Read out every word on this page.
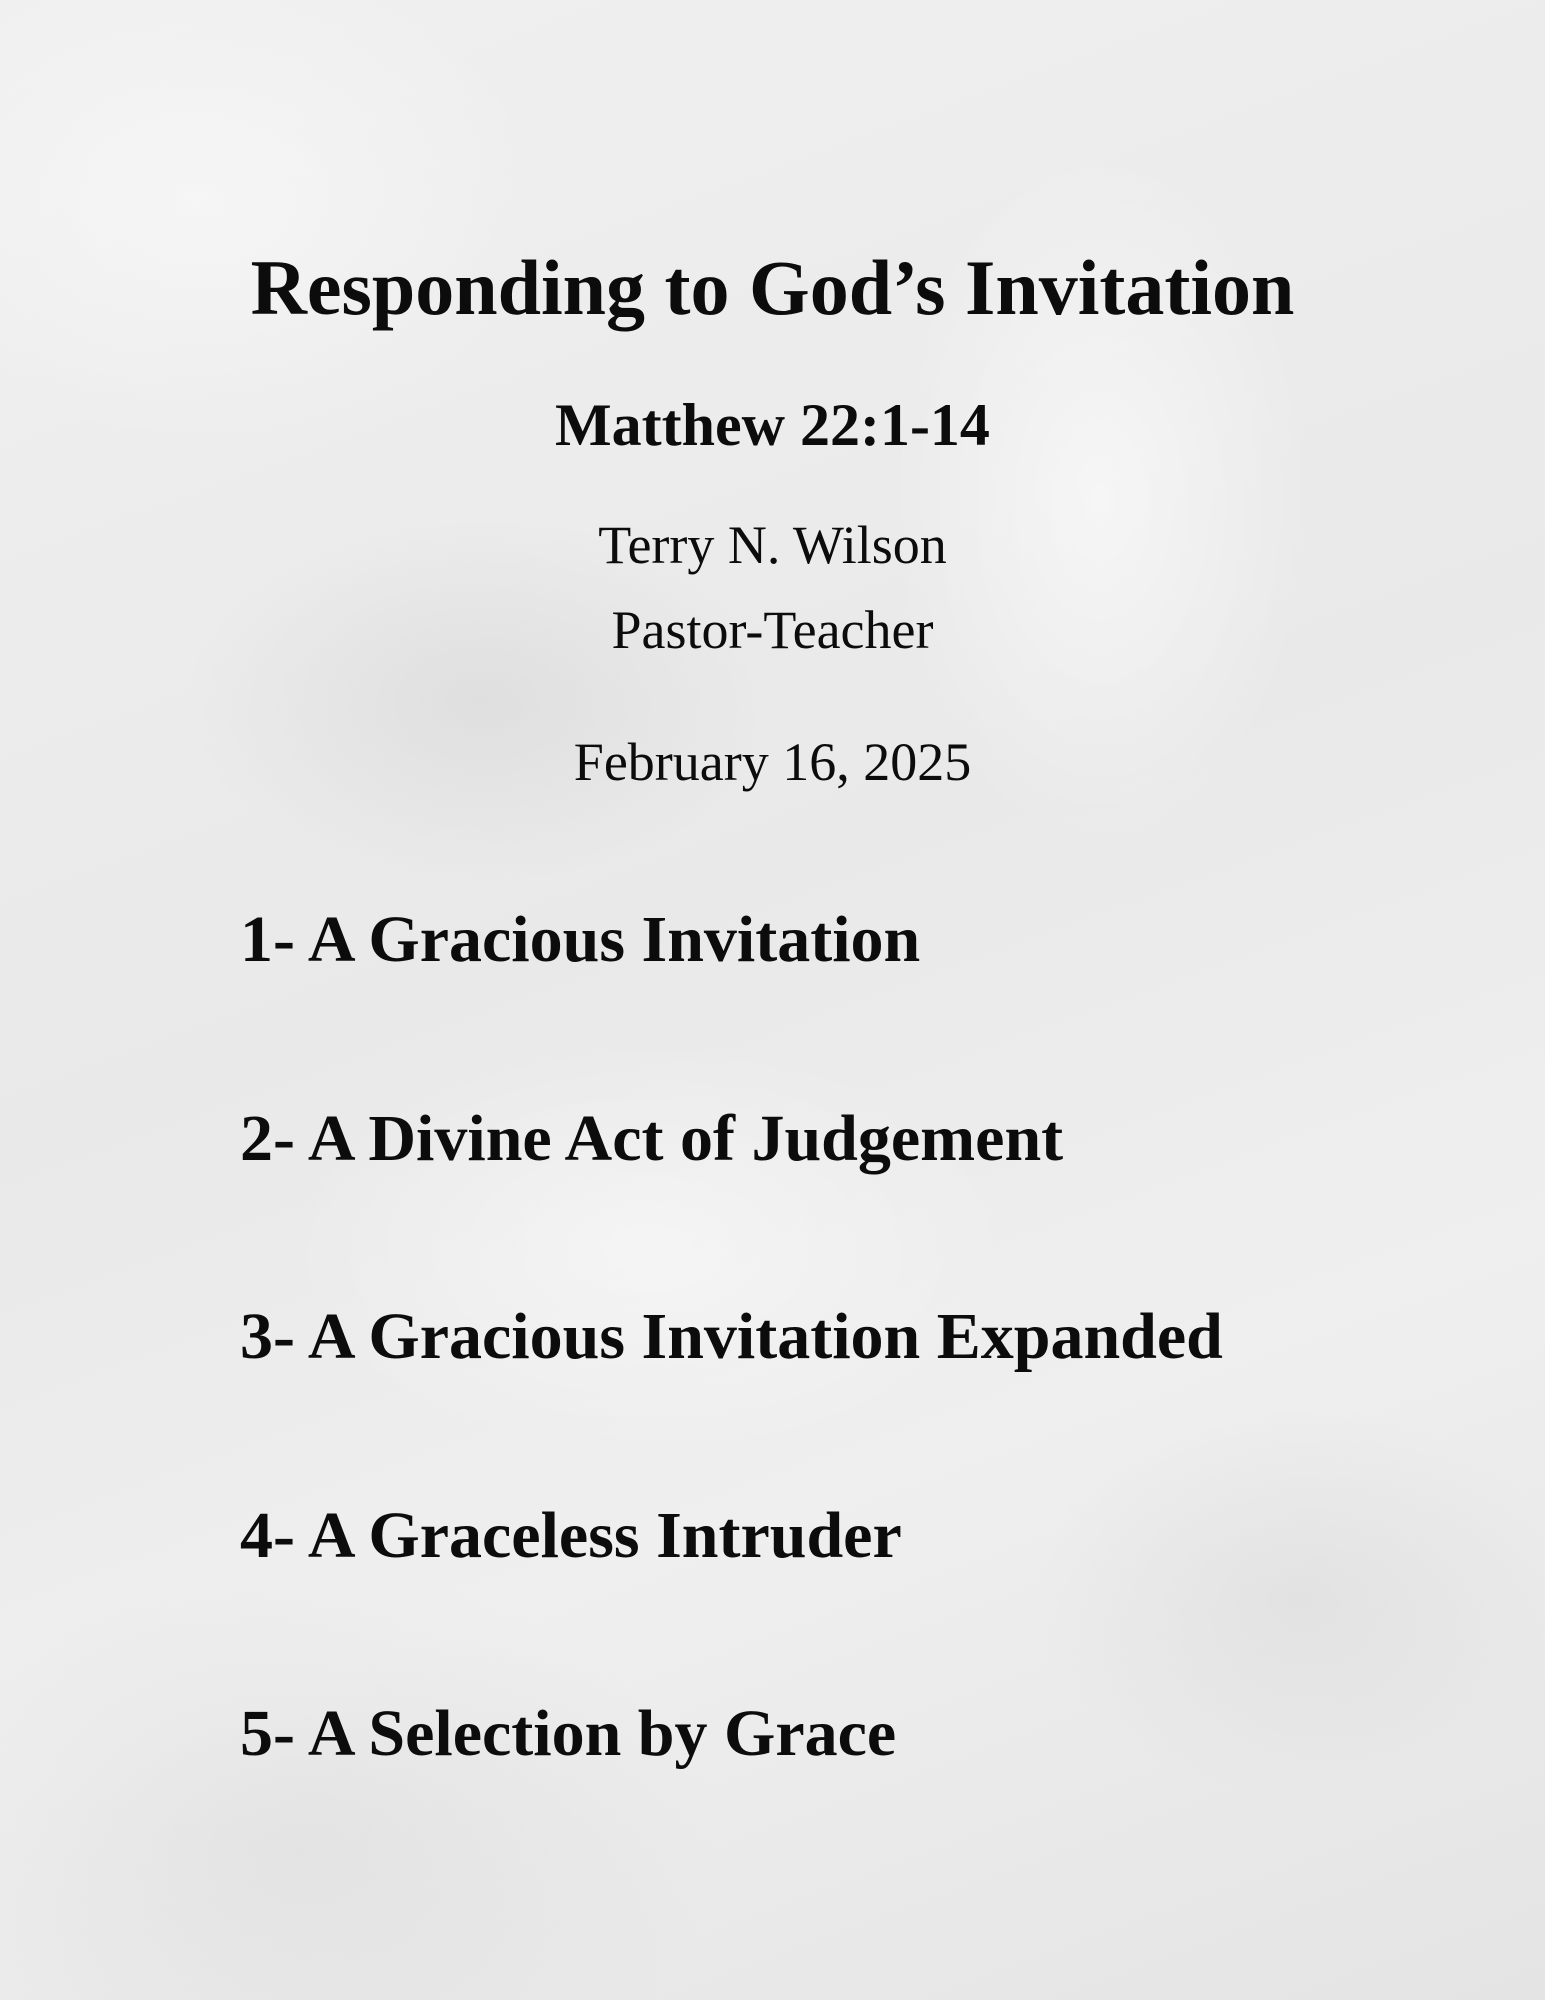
Responding to God’s Invitation
Matthew 22:1-14
Terry N. Wilson
Pastor-Teacher
February 16, 2025
1- A Gracious Invitation
2- A Divine Act of Judgement
3- A Gracious Invitation Expanded
4- A Graceless Intruder
5- A Selection by Grace
